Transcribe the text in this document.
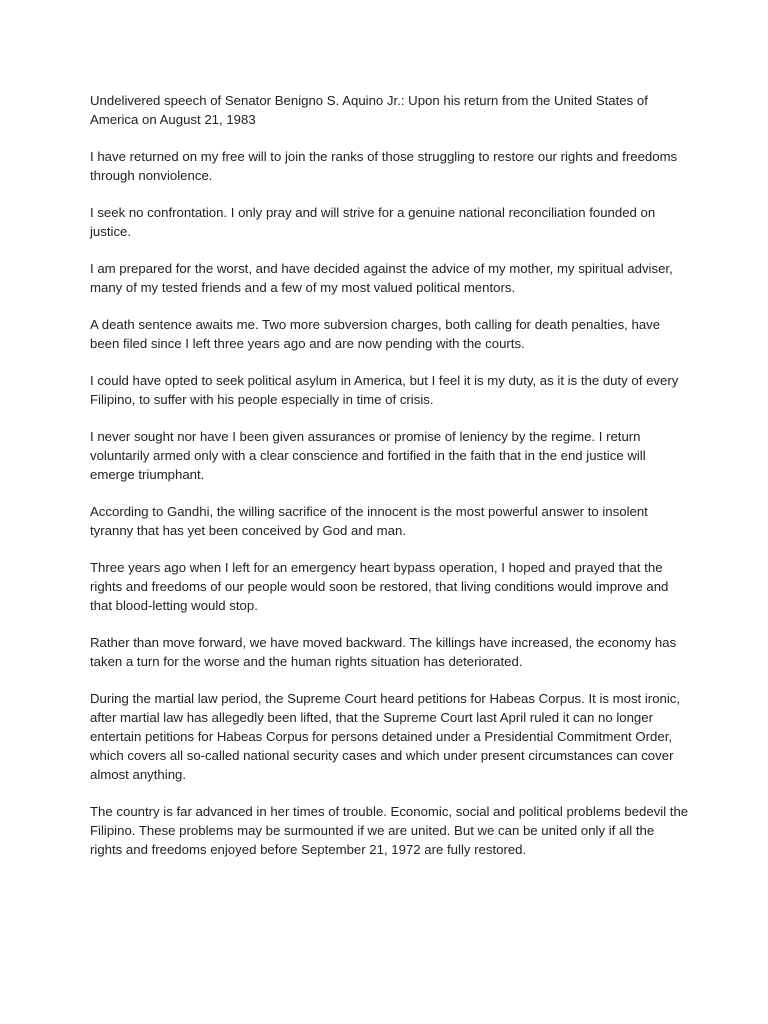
Undelivered speech of Senator Benigno S. Aquino Jr.: Upon his return from the United States of America on August 21, 1983

I have returned on my free will to join the ranks of those struggling to restore our rights and freedoms through nonviolence.

I seek no confrontation. I only pray and will strive for a genuine national reconciliation founded on justice.

I am prepared for the worst, and have decided against the advice of my mother, my spiritual adviser, many of my tested friends and a few of my most valued political mentors.

A death sentence awaits me. Two more subversion charges, both calling for death penalties, have been filed since I left three years ago and are now pending with the courts.

I could have opted to seek political asylum in America, but I feel it is my duty, as it is the duty of every Filipino, to suffer with his people especially in time of crisis.

I never sought nor have I been given assurances or promise of leniency by the regime. I return voluntarily armed only with a clear conscience and fortified in the faith that in the end justice will emerge triumphant.

According to Gandhi, the willing sacrifice of the innocent is the most powerful answer to insolent tyranny that has yet been conceived by God and man.

Three years ago when I left for an emergency heart bypass operation, I hoped and prayed that the rights and freedoms of our people would soon be restored, that living conditions would improve and that blood-letting would stop.

Rather than move forward, we have moved backward. The killings have increased, the economy has taken a turn for the worse and the human rights situation has deteriorated.

During the martial law period, the Supreme Court heard petitions for Habeas Corpus. It is most ironic, after martial law has allegedly been lifted, that the Supreme Court last April ruled it can no longer entertain petitions for Habeas Corpus for persons detained under a Presidential Commitment Order, which covers all so-called national security cases and which under present circumstances can cover almost anything.

The country is far advanced in her times of trouble. Economic, social and political problems bedevil the Filipino. These problems may be surmounted if we are united. But we can be united only if all the rights and freedoms enjoyed before September 21, 1972 are fully restored.
